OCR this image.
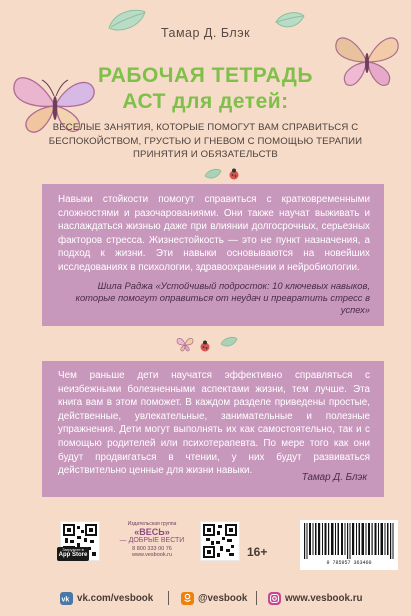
Тамар Д. Блэк
РАБОЧАЯ ТЕТРАДЬ
АСТ для детей:
ВЕСЕЛЫЕ ЗАНЯТИЯ, КОТОРЫЕ ПОМОГУТ ВАМ СПРАВИТЬСЯ С БЕСПОКОЙСТВОМ, ГРУСТЬЮ И ГНЕВОМ С ПОМОЩЬЮ ТЕРАПИИ ПРИНЯТИЯ И ОБЯЗАТЕЛЬСТВ

Навыки стойкости помогут справиться с кратковременными сложностями и разочарованиями. Они также научат выживать и наслаждаться жизнью даже при влиянии долгосрочных, серьезных факторов стресса. Жизнестойкость — это не пункт назначения, а подход к жизни. Эти навыки основываются на новейших исследованиях в психологии, здравоохранении и нейробиологии.

Шила Раджа «Устойчивый подросток: 10 ключевых навыков, которые помогут оправиться от неудач и превратить стресс в успех»

Чем раньше дети научатся эффективно справляться с неизбежными болезненными аспектами жизни, тем лучше. Эта книга вам в этом поможет. В каждом разделе приведены простые, действенные, увлекательные, занимательные и полезные упражнения. Дети могут выполнять их как самостоятельно, так и с помощью родителей или психотерапевта. По мере того как они будут продвигаться в чтении, у них будут развиваться действительно ценные для жизни навыки.

Тамар Д. Блэк
Загрузите в
App Store
Издательская группа
«ВЕСЬ»
— ДОБРЫЕ ВЕСТИ
8 800 333 00 76
www.vesbook.ru	16+
9 785957 363460
vk vk.com/vesbook	@vesbook	www.vesbook.ru
